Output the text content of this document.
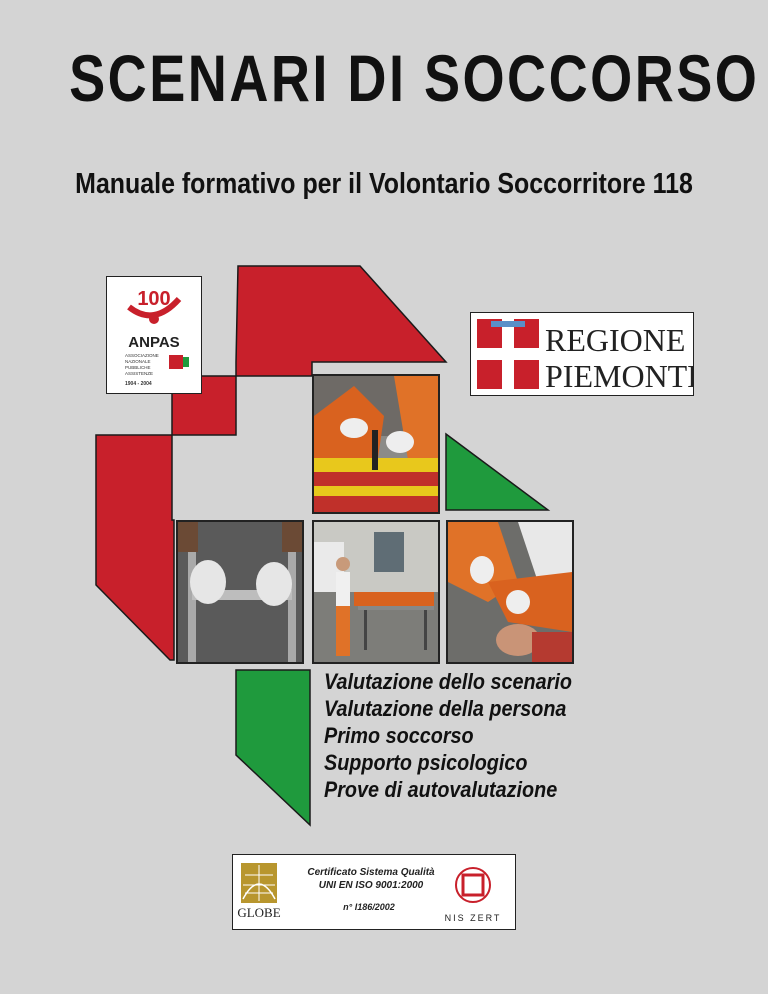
SCENARI DI SOCCORSO
Manuale formativo per il Volontario Soccorritore 118
100
ANPAS
ASSOCIAZIONE
NAZIONALE
PUBBLICHE
ASSISTENZE
1904 - 2004
REGIONE
PIEMONTE
Valutazione dello scenario
Valutazione della persona
Primo soccorso
Supporto psicologico
Prove di autovalutazione
GLOBE
Certificato Sistema Qualità
UNI EN ISO 9001:2000
n° I186/2002
NIS ZERT
